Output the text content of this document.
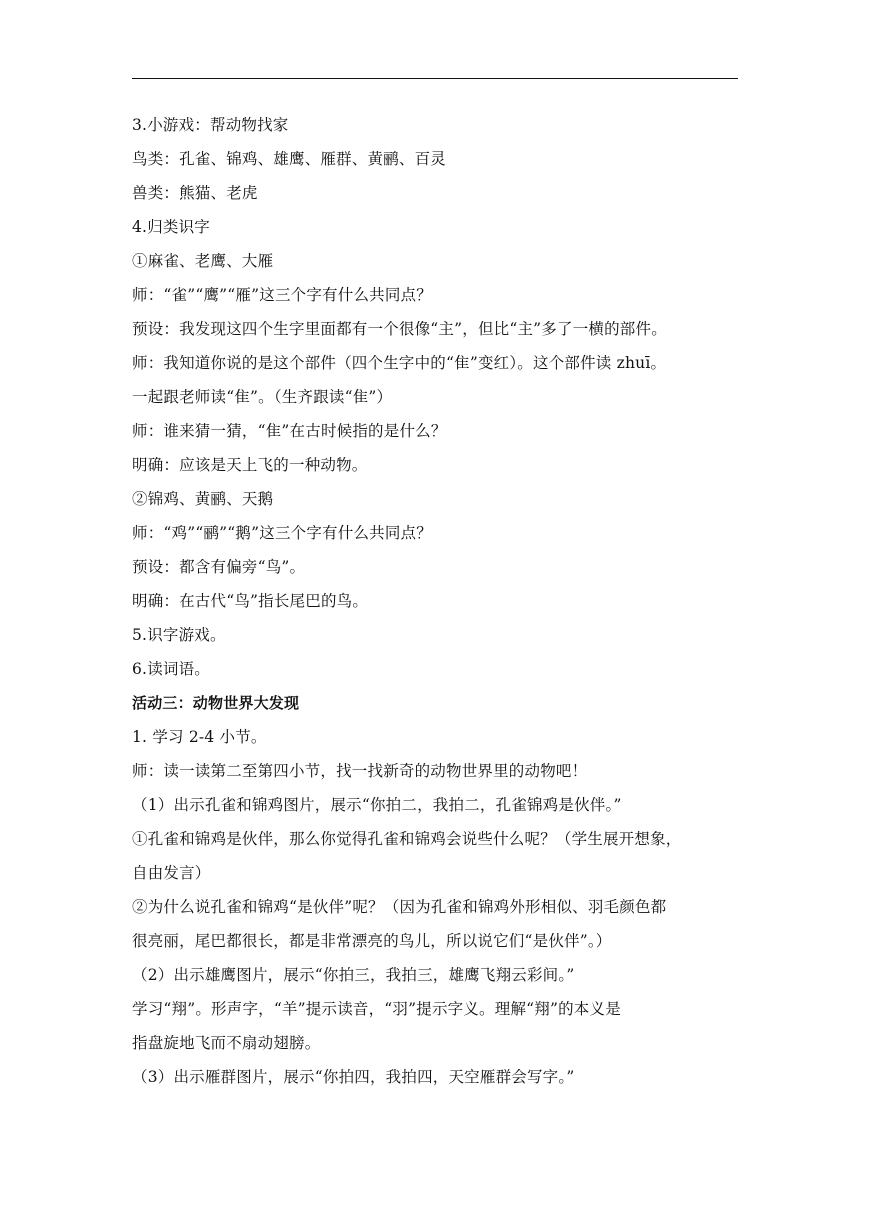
3.小游戏：帮动物找家
鸟类：孔雀、锦鸡、雄鹰、雁群、黄鹂、百灵
兽类：熊猫、老虎
4.归类识字
①麻雀、老鹰、大雁
师：“雀”“鹰”“雁”这三个字有什么共同点？
预设：我发现这四个生字里面都有一个很像“主”，但比“主”多了一横的部件。
师：我知道你说的是这个部件（四个生字中的“隹”变红）。这个部件读 zhuī。
一起跟老师读“隹”。（生齐跟读“隹”）
师：谁来猜一猜，“隹”在古时候指的是什么？
明确：应该是天上飞的一种动物。
②锦鸡、黄鹂、天鹅
师：“鸡”“鹂”“鹅”这三个字有什么共同点？
预设：都含有偏旁“鸟”。
明确：在古代“鸟”指长尾巴的鸟。
5.识字游戏。
6.读词语。
活动三：动物世界大发现
1. 学习 2-4 小节。
师：读一读第二至第四小节，找一找新奇的动物世界里的动物吧！
（1）出示孔雀和锦鸡图片，展示“你拍二，我拍二，孔雀锦鸡是伙伴。”
①孔雀和锦鸡是伙伴，那么你觉得孔雀和锦鸡会说些什么呢？（学生展开想象，
自由发言）
②为什么说孔雀和锦鸡“是伙伴”呢？（因为孔雀和锦鸡外形相似、羽毛颜色都
很亮丽，尾巴都很长，都是非常漂亮的鸟儿，所以说它们“是伙伴”。）
（2）出示雄鹰图片，展示“你拍三，我拍三，雄鹰飞翔云彩间。”
学习“翔”。形声字，“羊”提示读音，“羽”提示字义。理解“翔”的本义是
指盘旋地飞而不扇动翅膀。
（3）出示雁群图片，展示“你拍四，我拍四，天空雁群会写字。”
